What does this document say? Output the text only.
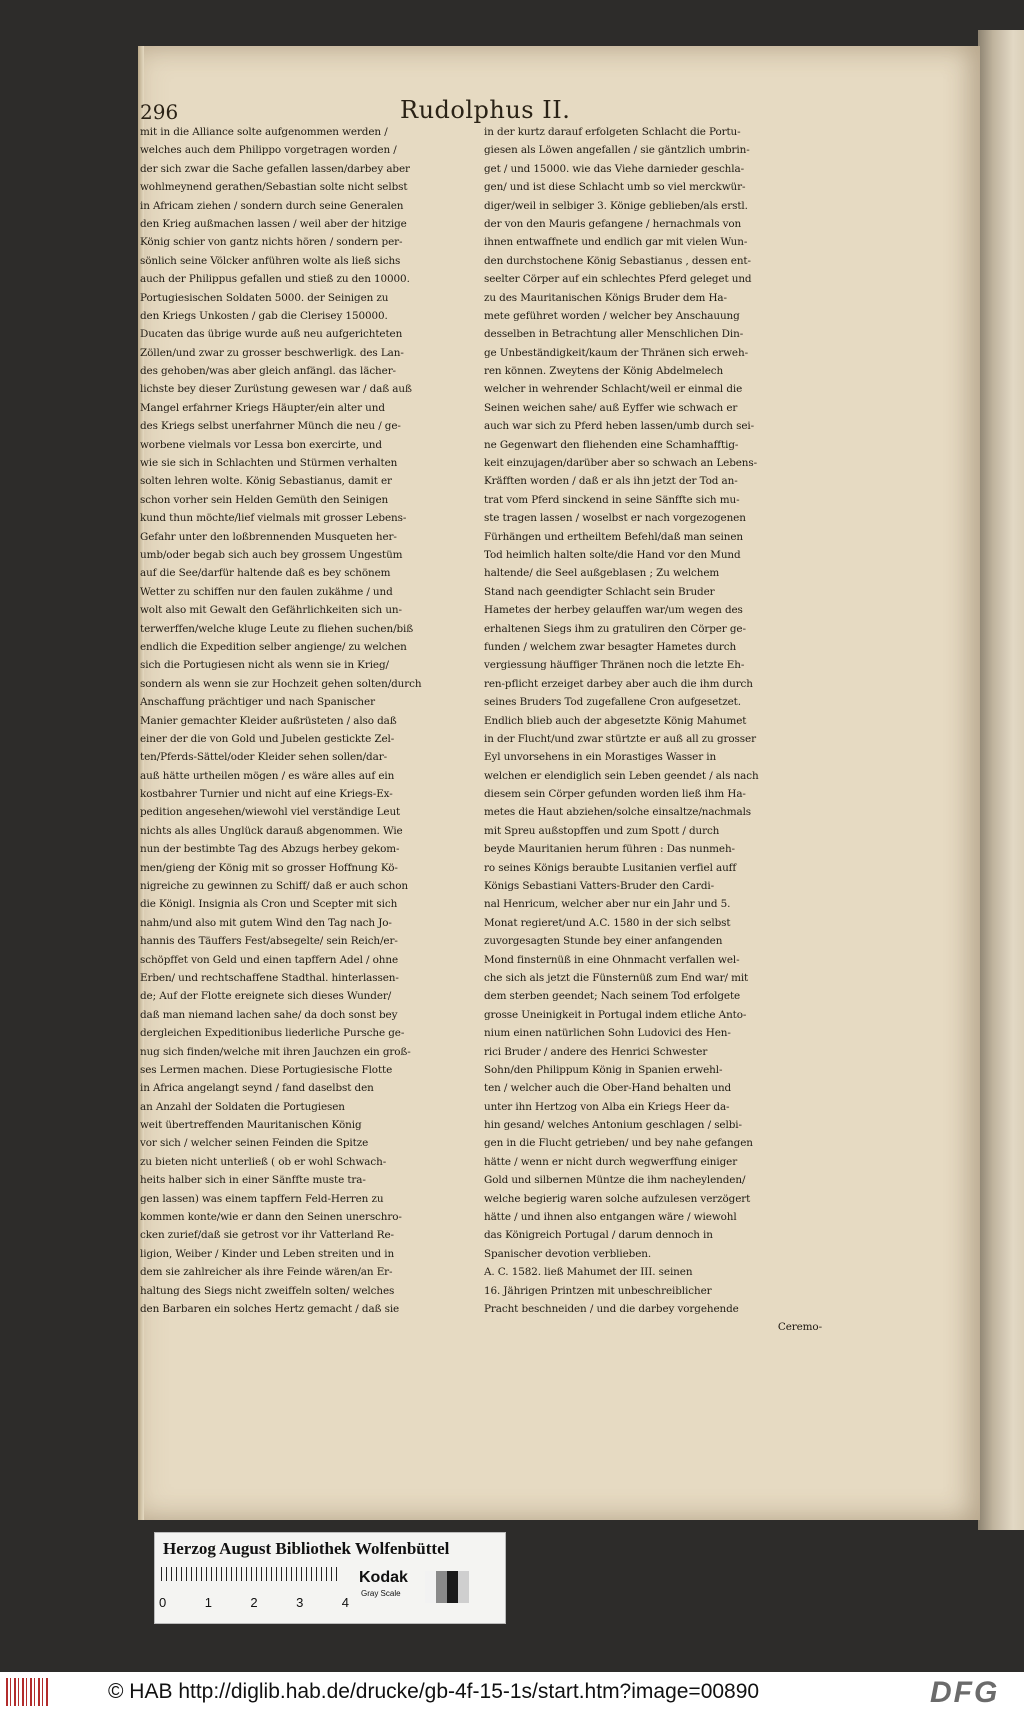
296	Rudolphus II.
mit in die Alliance solte aufgenommen werden /
welches auch dem Philippo vorgetragen worden /
der sich zwar die Sache gefallen lassen/darbey aber
wohlmeynend gerathen/Sebastian solte nicht selbst
in Africam ziehen / sondern durch seine Generalen
den Krieg außmachen lassen / weil aber der hitzige
König schier von gantz nichts hören / sondern per-
sönlich seine Völcker anführen wolte als ließ sichs
auch der Philippus gefallen und stieß zu den 10000.
Portugiesischen Soldaten 5000. der Seinigen zu
den Kriegs Unkosten / gab die Clerisey 150000.
Ducaten das übrige wurde auß neu aufgerichteten
Zöllen/und zwar zu grosser beschwerligk. des Lan-
des gehoben/was aber gleich anfängl. das lächer-
lichste bey dieser Zurüstung gewesen war / daß auß
Mangel erfahrner Kriegs Häupter/ein alter und
des Kriegs selbst unerfahrner Münch die neu / ge-
worbene vielmals vor Lessa bon exercirte, und
wie sie sich in Schlachten und Stürmen verhalten
solten lehren wolte. König Sebastianus, damit er
schon vorher sein Helden Gemüth den Seinigen
kund thun möchte/lief vielmals mit grosser Lebens-
Gefahr unter den loßbrennenden Musqueten her-
umb/oder begab sich auch bey grossem Ungestüm
auf die See/darfür haltende daß es bey schönem
Wetter zu schiffen nur den faulen zukähme / und
wolt also mit Gewalt den Gefährlichkeiten sich un-
terwerffen/welche kluge Leute zu fliehen suchen/biß
endlich die Expedition selber angienge/ zu welchen
sich die Portugiesen nicht als wenn sie in Krieg/
sondern als wenn sie zur Hochzeit gehen solten/durch
Anschaffung prächtiger und nach Spanischer
Manier gemachter Kleider außrüsteten / also daß
einer der die von Gold und Jubelen gestickte Zel-
ten/Pferds-Sättel/oder Kleider sehen sollen/dar-
auß hätte urtheilen mögen / es wäre alles auf ein
kostbahrer Turnier und nicht auf eine Kriegs-Ex-
pedition angesehen/wiewohl viel verständige Leut
nichts als alles Unglück darauß abgenommen. Wie
nun der bestimbte Tag des Abzugs herbey gekom-
men/gieng der König mit so grosser Hoffnung Kö-
nigreiche zu gewinnen zu Schiff/ daß er auch schon
die Königl. Insignia als Cron und Scepter mit sich
nahm/und also mit gutem Wind den Tag nach Jo-
hannis des Täuffers Fest/absegelte/ sein Reich/er-
schöpffet von Geld und einen tapffern Adel / ohne
Erben/ und rechtschaffene Stadthal. hinterlassen-
de; Auf der Flotte ereignete sich dieses Wunder/
daß man niemand lachen sahe/ da doch sonst bey
dergleichen Expeditionibus liederliche Pursche ge-
nug sich finden/welche mit ihren Jauchzen ein groß-
ses Lermen machen. Diese Portugiesische Flotte
in Africa angelangt seynd / fand daselbst den
an Anzahl der Soldaten die Portugiesen
weit übertreffenden Mauritanischen König
vor sich / welcher seinen Feinden die Spitze
zu bieten nicht unterließ ( ob er wohl Schwach-
heits halber sich in einer Sänffte muste tra-
gen lassen) was einem tapffern Feld-Herren zu
kommen konte/wie er dann den Seinen unerschro-
cken zurief/daß sie getrost vor ihr Vatterland Re-
ligion, Weiber / Kinder und Leben streiten und in
dem sie zahlreicher als ihre Feinde wären/an Er-
haltung des Siegs nicht zweiffeln solten/ welches
den Barbaren ein solches Hertz gemacht / daß sie
in der kurtz darauf erfolgeten Schlacht die Portu-
giesen als Löwen angefallen / sie gäntzlich umbrin-
get / und 15000. wie das Viehe darnieder geschla-
gen/ und ist diese Schlacht umb so viel merckwür-
diger/weil in selbiger 3. Könige geblieben/als erstl.
der von den Mauris gefangene / hernachmals von
ihnen entwaffnete und endlich gar mit vielen Wun-
den durchstochene König Sebastianus , dessen ent-
seelter Cörper auf ein schlechtes Pferd geleget und
zu des Mauritanischen Königs Bruder dem Ha-
mete geführet worden / welcher bey Anschauung
desselben in Betrachtung aller Menschlichen Din-
ge Unbeständigkeit/kaum der Thränen sich erweh-
ren können. Zweytens der König Abdelmelech
welcher in wehrender Schlacht/weil er einmal die
Seinen weichen sahe/ auß Eyffer wie schwach er
auch war sich zu Pferd heben lassen/umb durch sei-
ne Gegenwart den fliehenden eine Schamhafftig-
keit einzujagen/darüber aber so schwach an Lebens-
Kräfften worden / daß er als ihn jetzt der Tod an-
trat vom Pferd sinckend in seine Sänffte sich mu-
ste tragen lassen / woselbst er nach vorgezogenen
Fürhängen und ertheiltem Befehl/daß man seinen
Tod heimlich halten solte/die Hand vor den Mund
haltende/ die Seel außgeblasen ; Zu welchem
Stand nach geendigter Schlacht sein Bruder
Hametes der herbey gelauffen war/um wegen des
erhaltenen Siegs ihm zu gratuliren den Cörper ge-
funden / welchem zwar besagter Hametes durch
vergiessung häuffiger Thränen noch die letzte Eh-
ren-pflicht erzeiget darbey aber auch die ihm durch
seines Bruders Tod zugefallene Cron aufgesetzet.
Endlich blieb auch der abgesetzte König Mahumet
in der Flucht/und zwar stürtzte er auß all zu grosser
Eyl unvorsehens in ein Morastiges Wasser in
welchen er elendiglich sein Leben geendet / als nach
diesem sein Cörper gefunden worden ließ ihm Ha-
metes die Haut abziehen/solche einsaltze/nachmals
mit Spreu außstopffen und zum Spott / durch
beyde Mauritanien herum führen : Das nunmeh-
ro seines Königs beraubte Lusitanien verfiel auff
Königs Sebastiani Vatters-Bruder den Cardi-
nal Henricum, welcher aber nur ein Jahr und 5.
Monat regieret/und A.C. 1580 in der sich selbst
zuvorgesagten Stunde bey einer anfangenden
Mond finsternüß in eine Ohnmacht verfallen wel-
che sich als jetzt die Fünsternüß zum End war/ mit
dem sterben geendet; Nach seinem Tod erfolgete
grosse Uneinigkeit in Portugal indem etliche Anto-
nium einen natürlichen Sohn Ludovici des Hen-
rici Bruder / andere des Henrici Schwester
Sohn/den Philippum König in Spanien erwehl-
ten / welcher auch die Ober-Hand behalten und
unter ihn Hertzog von Alba ein Kriegs Heer da-
hin gesand/ welches Antonium geschlagen / selbi-
gen in die Flucht getrieben/ und bey nahe gefangen
hätte / wenn er nicht durch wegwerffung einiger
Gold und silbernen Müntze die ihm nacheylenden/
welche begierig waren solche aufzulesen verzögert
hätte / und ihnen also entgangen wäre / wiewohl
das Königreich Portugal / darum dennoch in
Spanischer devotion verblieben.
A. C. 1582. ließ Mahumet der III. seinen
16. Jährigen Printzen mit unbeschreiblicher
Pracht beschneiden / und die darbey vorgehende
Ceremo-
Herzog August Bibliothek Wolfenbüttel
0	1	2	3	4
Kodak
Gray Scale
© HAB http://diglib.hab.de/drucke/gb-4f-15-1s/start.htm?image=00890	DFG
